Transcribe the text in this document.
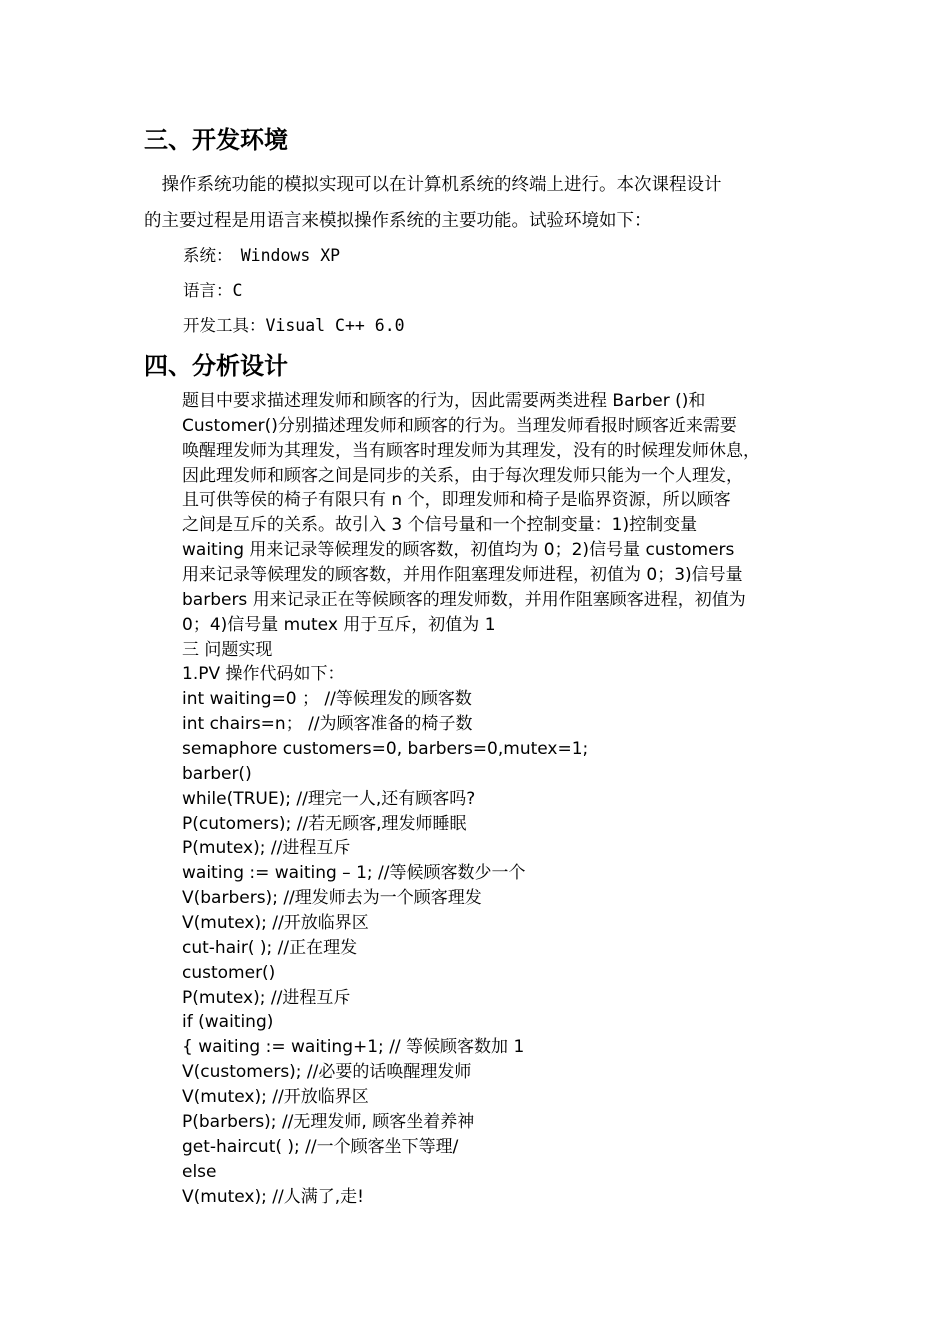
三、开发环境

　操作系统功能的模拟实现可以在计算机系统的终端上进行。本次课程设计

的主要过程是用语言来模拟操作系统的主要功能。试验环境如下：

系统：　Windows XP

语言：C

开发工具：Visual C++ 6.0

四、分析设计
题目中要求描述理发师和顾客的行为，因此需要两类进程 Barber ()和
Customer()分别描述理发师和顾客的行为。当理发师看报时顾客近来需要
唤醒理发师为其理发，当有顾客时理发师为其理发，没有的时候理发师休息，
因此理发师和顾客之间是同步的关系，由于每次理发师只能为一个人理发，
且可供等侯的椅子有限只有 n 个，即理发师和椅子是临界资源，所以顾客
之间是互斥的关系。故引入 3 个信号量和一个控制变量：1)控制变量
waiting 用来记录等候理发的顾客数，初值均为 0；2)信号量 customers
用来记录等候理发的顾客数，并用作阻塞理发师进程，初值为 0；3)信号量
barbers 用来记录正在等候顾客的理发师数，并用作阻塞顾客进程，初值为
0；4)信号量 mutex 用于互斥，初值为 1
三 问题实现
1.PV 操作代码如下：
int waiting=0 ； //等候理发的顾客数
int chairs=n； //为顾客准备的椅子数
semaphore customers=0, barbers=0,mutex=1;
barber()
while(TRUE); //理完一人,还有顾客吗?
P(cutomers); //若无顾客,理发师睡眠
P(mutex); //进程互斥
waiting := waiting – 1; //等候顾客数少一个
V(barbers); //理发师去为一个顾客理发
V(mutex); //开放临界区
cut-hair( ); //正在理发
customer()
P(mutex); //进程互斥
if (waiting)
{ waiting := waiting+1; // 等候顾客数加 1
V(customers); //必要的话唤醒理发师
V(mutex); //开放临界区
P(barbers); //无理发师, 顾客坐着养神
get-haircut( ); //一个顾客坐下等理/
else
V(mutex); //人满了,走!
